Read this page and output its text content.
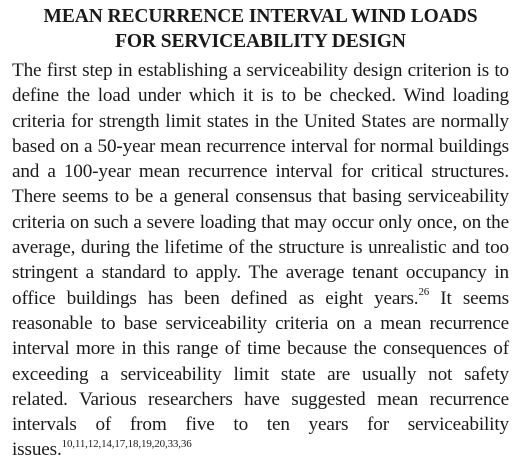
MEAN RECURRENCE INTERVAL WIND LOADS
FOR SERVICEABILITY DESIGN

The first step in establishing a serviceability design criterion is to define the load under which it is to be checked. Wind loading criteria for strength limit states in the United States are normally based on a 50-year mean recurrence interval for normal buildings and a 100-year mean recurrence interval for critical structures. There seems to be a general consensus that basing serviceability criteria on such a severe loading that may occur only once, on the average, during the lifetime of the structure is unrealistic and too stringent a standard to apply. The average tenant occupancy in office buildings has been defined as eight years.$^{26}$ It seems reasonable to base serviceability criteria on a mean recurrence interval more in this range of time because the consequences of exceeding a serviceability limit state are usually not safety related. Various researchers have suggested mean recurrence intervals of from five to ten years for serviceability issues.$^{10,11,12,14,17,18,19,20,33,36}$
